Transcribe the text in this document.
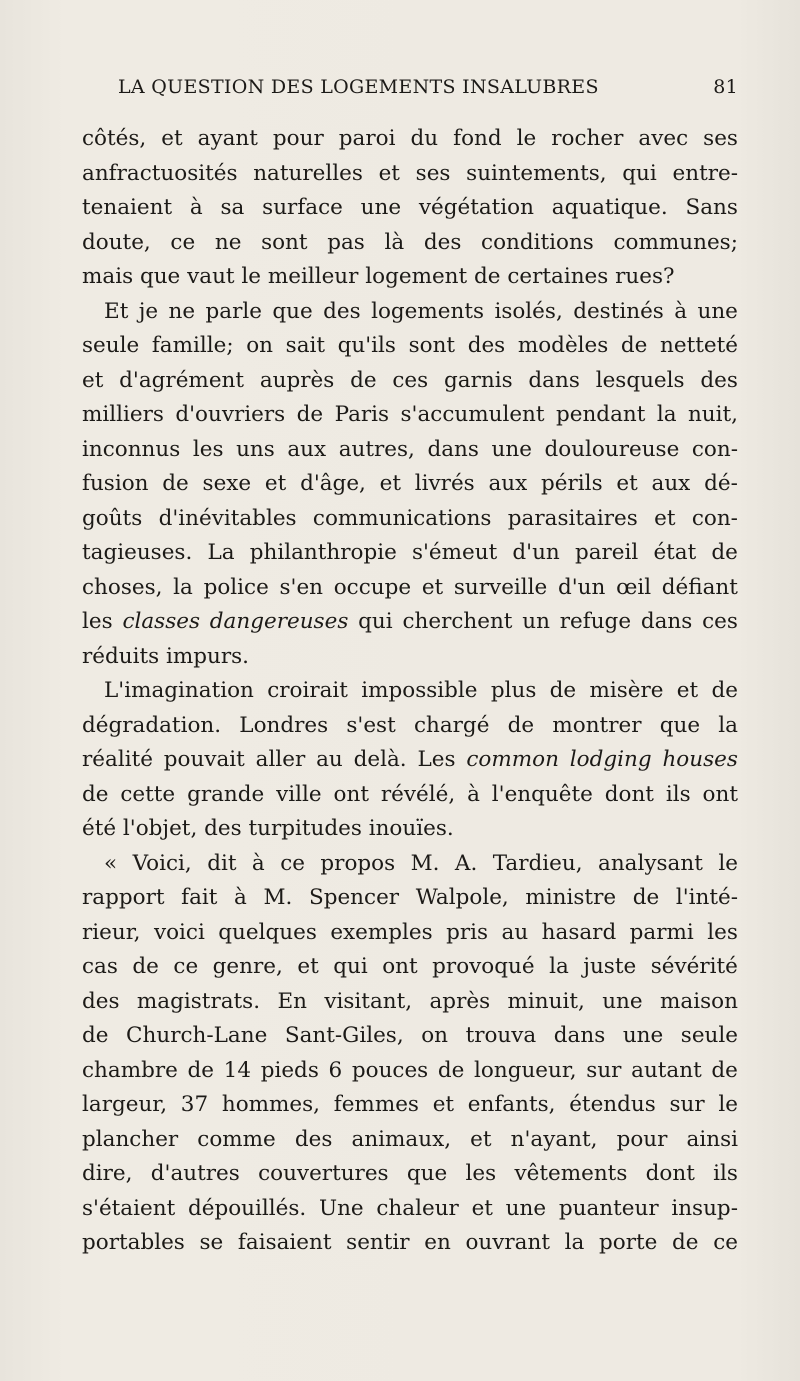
LA QUESTION DES LOGEMENTS INSALUBRES	81
côtés, et ayant pour paroi du fond le rocher avec ses
anfractuosités naturelles et ses suintements, qui entre-
tenaient à sa surface une végétation aquatique. Sans
doute, ce ne sont pas là des conditions communes;
mais que vaut le meilleur logement de certaines rues?
Et je ne parle que des logements isolés, destinés à une
seule famille; on sait qu'ils sont des modèles de netteté
et d'agrément auprès de ces garnis dans lesquels des
milliers d'ouvriers de Paris s'accumulent pendant la nuit,
inconnus les uns aux autres, dans une douloureuse con-
fusion de sexe et d'âge, et livrés aux périls et aux dé-
goûts d'inévitables communications parasitaires et con-
tagieuses. La philanthropie s'émeut d'un pareil état de
choses, la police s'en occupe et surveille d'un œil défiant
les classes dangereuses qui cherchent un refuge dans ces
réduits impurs.
L'imagination croirait impossible plus de misère et de
dégradation. Londres s'est chargé de montrer que la
réalité pouvait aller au delà. Les common lodging houses
de cette grande ville ont révélé, à l'enquête dont ils ont
été l'objet, des turpitudes inouïes.
« Voici, dit à ce propos M. A. Tardieu, analysant le
rapport fait à M. Spencer Walpole, ministre de l'inté-
rieur, voici quelques exemples pris au hasard parmi les
cas de ce genre, et qui ont provoqué la juste sévérité
des magistrats. En visitant, après minuit, une maison
de Church-Lane Sant-Giles, on trouva dans une seule
chambre de 14 pieds 6 pouces de longueur, sur autant de
largeur, 37 hommes, femmes et enfants, étendus sur le
plancher comme des animaux, et n'ayant, pour ainsi
dire, d'autres couvertures que les vêtements dont ils
s'étaient dépouillés. Une chaleur et une puanteur insup-
portables se faisaient sentir en ouvrant la porte de ce
